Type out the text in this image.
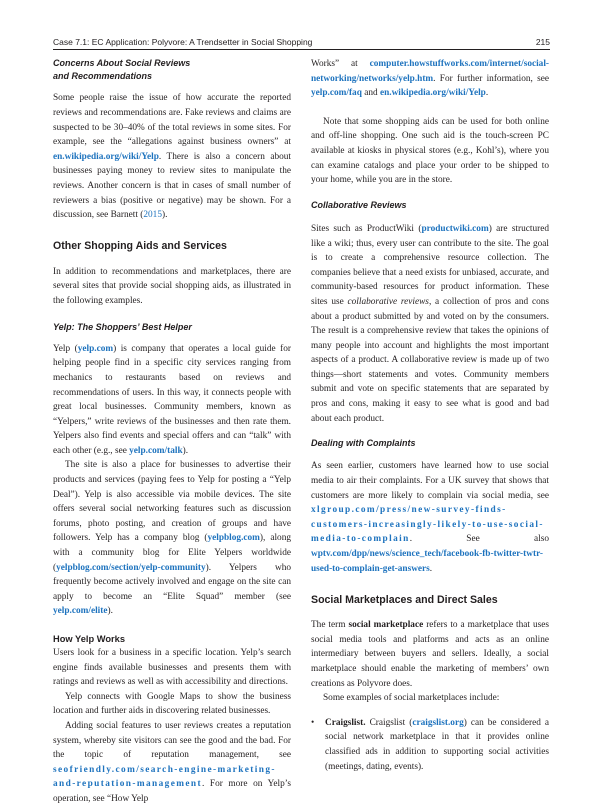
Case 7.1: EC Application: Polyvore: A Trendsetter in Social Shopping	215
Concerns About Social Reviews
and Recommendations

Some people raise the issue of how accurate the reported reviews and recommendations are. Fake reviews and claims are suspected to be 30–40% of the total reviews in some sites. For example, see the “allegations against business owners” at en.wikipedia.org/wiki/Yelp. There is also a concern about businesses paying money to review sites to manipulate the reviews. Another concern is that in cases of small number of reviewers a bias (positive or negative) may be shown. For a discussion, see Barnett (2015).

Other Shopping Aids and Services

In addition to recommendations and marketplaces, there are several sites that provide social shopping aids, as illustrated in the following examples.

Yelp: The Shoppers’ Best Helper

Yelp (yelp.com) is company that operates a local guide for helping people find in a specific city services ranging from mechanics to restaurants based on reviews and recommendations of users. In this way, it connects people with great local businesses. Community members, known as “Yelpers,” write reviews of the businesses and then rate them. Yelpers also find events and special offers and can “talk” with each other (e.g., see yelp.com/talk).

The site is also a place for businesses to advertise their products and services (paying fees to Yelp for posting a “Yelp Deal”). Yelp is also accessible via mobile devices. The site offers several social networking features such as discussion forums, photo posting, and creation of groups and have followers. Yelp has a company blog (yelpblog.com), along with a community blog for Elite Yelpers worldwide (yelpblog.com/section/yelp-community). Yelpers who frequently become actively involved and engage on the site can apply to become an “Elite Squad” member (see yelp.com/elite).

How Yelp Works

Users look for a business in a specific location. Yelp’s search engine finds available businesses and presents them with ratings and reviews as well as with accessibility and directions.

Yelp connects with Google Maps to show the business location and further aids in discovering related businesses.

Adding social features to user reviews creates a reputation system, whereby site visitors can see the good and the bad. For the topic of reputation management, see seofriendly.com/search-engine-marketing-and-reputation-management. For more on Yelp’s operation, see “How Yelp

Works” at computer.howstuffworks.com/internet/social-networking/networks/yelp.htm. For further information, see yelp.com/faq and en.wikipedia.org/wiki/Yelp.

Note that some shopping aids can be used for both online and off-line shopping. One such aid is the touch-screen PC available at kiosks in physical stores (e.g., Kohl’s), where you can examine catalogs and place your order to be shipped to your home, while you are in the store.

Collaborative Reviews

Sites such as ProductWiki (productwiki.com) are structured like a wiki; thus, every user can contribute to the site. The goal is to create a comprehensive resource collection. The companies believe that a need exists for unbiased, accurate, and community-based resources for product information. These sites use collaborative reviews, a collection of pros and cons about a product submitted by and voted on by the consumers. The result is a comprehensive review that takes the opinions of many people into account and highlights the most important aspects of a product. A collaborative review is made up of two things—short statements and votes. Community members submit and vote on specific statements that are separated by pros and cons, making it easy to see what is good and bad about each product.

Dealing with Complaints

As seen earlier, customers have learned how to use social media to air their complaints. For a UK survey that shows that customers are more likely to complain via social media, see xlgroup.com/press/new-survey-finds-customers-increasingly-likely-to-use-social-media-to-complain. See also wptv.com/dpp/news/science_tech/facebook-fb-twitter-twtr-used-to-complain-get-answers.

Social Marketplaces and Direct Sales

The term social marketplace refers to a marketplace that uses social media tools and platforms and acts as an online intermediary between buyers and sellers. Ideally, a social marketplace should enable the marketing of members’ own creations as Polyvore does.

Some examples of social marketplaces include:

•	Craigslist. Craigslist (craigslist.org) can be considered a social network marketplace in that it provides online classified ads in addition to supporting social activities (meetings, dating, events).
